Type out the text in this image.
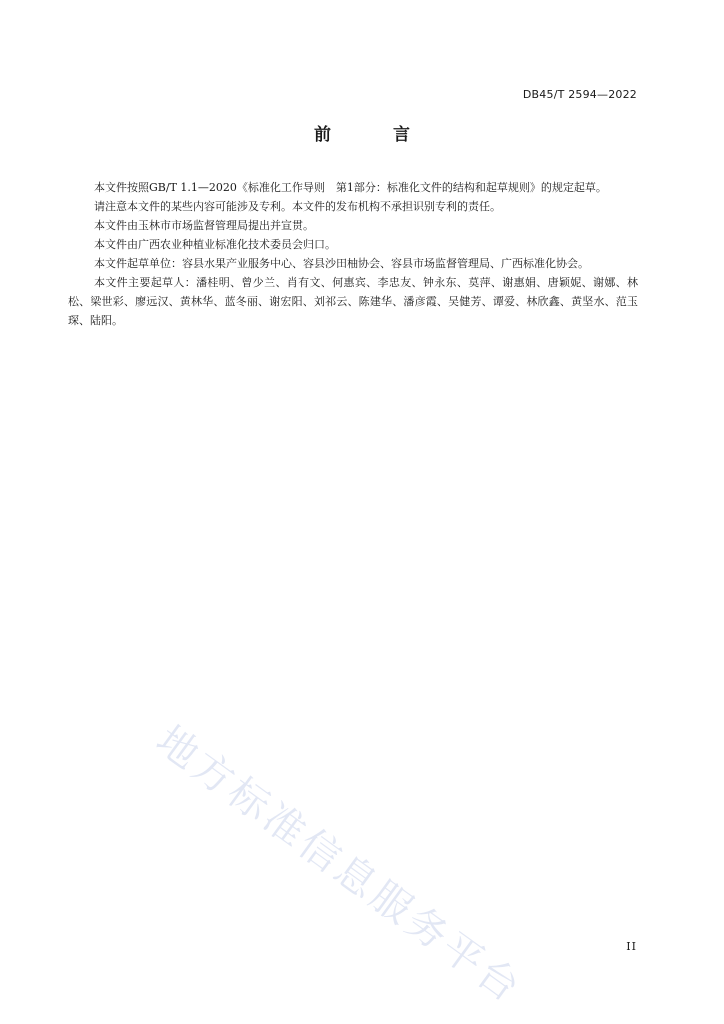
DB45/T 2594—2022
前 言

本文件按照GB/T 1.1—2020《标准化工作导则　第1部分：标准化文件的结构和起草规则》的规定起草。

请注意本文件的某些内容可能涉及专利。本文件的发布机构不承担识别专利的责任。

本文件由玉林市市场监督管理局提出并宣贯。

本文件由广西农业种植业标准化技术委员会归口。

本文件起草单位：容县水果产业服务中心、容县沙田柚协会、容县市场监督管理局、广西标准化协会。

本文件主要起草人：潘桂明、曾少兰、肖有文、何惠宾、李忠友、钟永东、莫萍、谢惠娟、唐颖妮、谢娜、林松、梁世彩、廖远汉、黄林华、蓝冬丽、谢宏阳、刘祁云、陈建华、潘彦霞、吴健芳、谭爱、林欣鑫、黄坚水、范玉琛、陆阳。

地方标准信息服务平台	II
